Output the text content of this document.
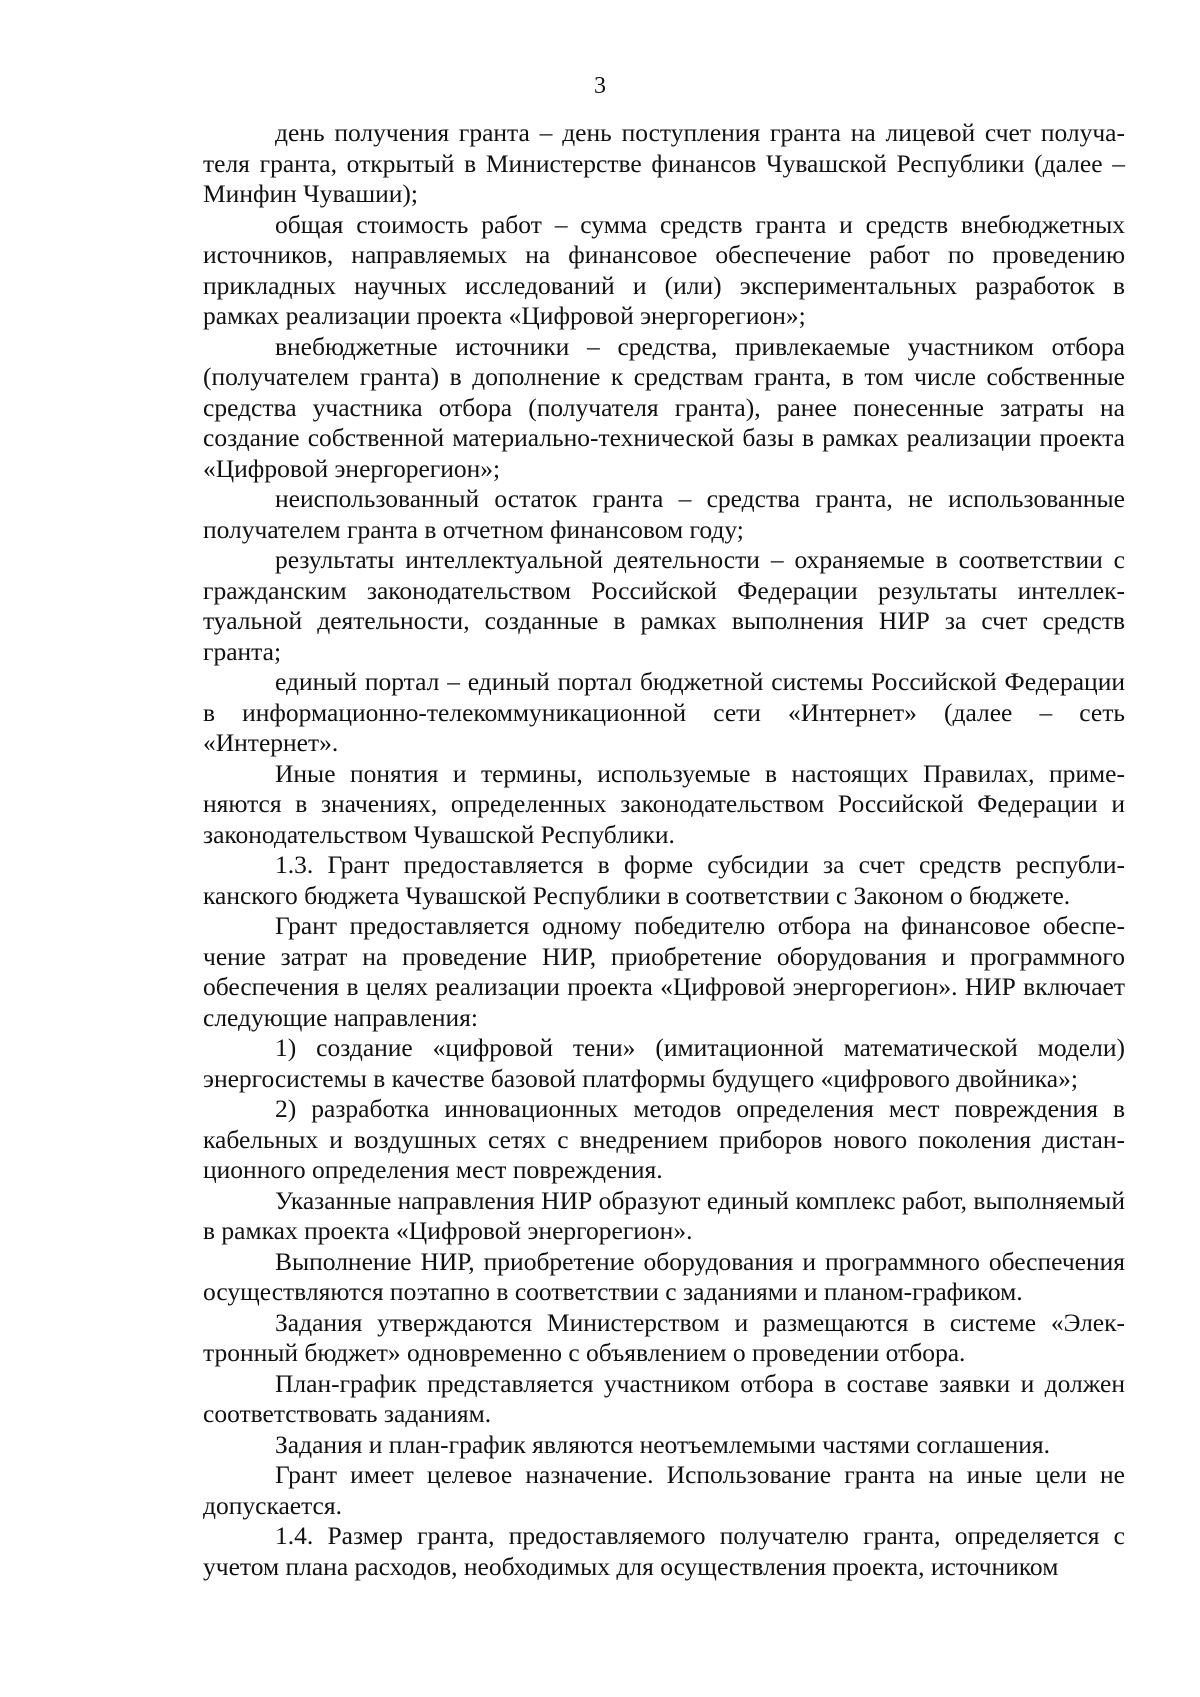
3

день получения гранта – день поступления гранта на лицевой счет получателя гранта, открытый в Министерстве финансов Чувашской Республики (далее – Минфин Чувашии);

общая стоимость работ – сумма средств гранта и средств внебюджетных источников, направляемых на финансовое обеспечение работ по проведению прикладных научных исследований и (или) экспериментальных разработок в рамках реализации проекта «Цифровой энергорегион»;

внебюджетные источники – средства, привлекаемые участником отбора (получателем гранта) в дополнение к средствам гранта, в том числе собственные средства участника отбора (получателя гранта), ранее понесенные затраты на создание собственной материально-технической базы в рамках реализации проекта «Цифровой энергорегион»;

неиспользованный остаток гранта – средства гранта, не использованные получателем гранта в отчетном финансовом году;

результаты интеллектуальной деятельности – охраняемые в соответствии с гражданским законодательством Российской Федерации результаты интеллектуальной деятельности, созданные в рамках выполнения НИР за счет средств гранта;

единый портал – единый портал бюджетной системы Российской Федерации в информационно-телекоммуникационной сети «Интернет» (далее – сеть «Интернет».

Иные понятия и термины, используемые в настоящих Правилах, применяются в значениях, определенных законодательством Российской Федерации и законодательством Чувашской Республики.

1.3. Грант предоставляется в форме субсидии за счет средств республиканского бюджета Чувашской Республики в соответствии с Законом о бюджете.

Грант предоставляется одному победителю отбора на финансовое обеспечение затрат на проведение НИР, приобретение оборудования и программного обеспечения в целях реализации проекта «Цифровой энергорегион». НИР включает следующие направления:

1) создание «цифровой тени» (имитационной математической модели) энергосистемы в качестве базовой платформы будущего «цифрового двойника»;

2) разработка инновационных методов определения мест повреждения в кабельных и воздушных сетях с внедрением приборов нового поколения дистанционного определения мест повреждения.

Указанные направления НИР образуют единый комплекс работ, выполняемый в рамках проекта «Цифровой энергорегион».

Выполнение НИР, приобретение оборудования и программного обеспечения осуществляются поэтапно в соответствии с заданиями и планом-графиком.

Задания утверждаются Министерством и размещаются в системе «Электронный бюджет» одновременно с объявлением о проведении отбора.

План-график представляется участником отбора в составе заявки и должен соответствовать заданиям.

Задания и план-график являются неотъемлемыми частями соглашения.

Грант имеет целевое назначение. Использование гранта на иные цели не допускается.

1.4. Размер гранта, предоставляемого получателю гранта, определяется с учетом плана расходов, необходимых для осуществления проекта, источником
